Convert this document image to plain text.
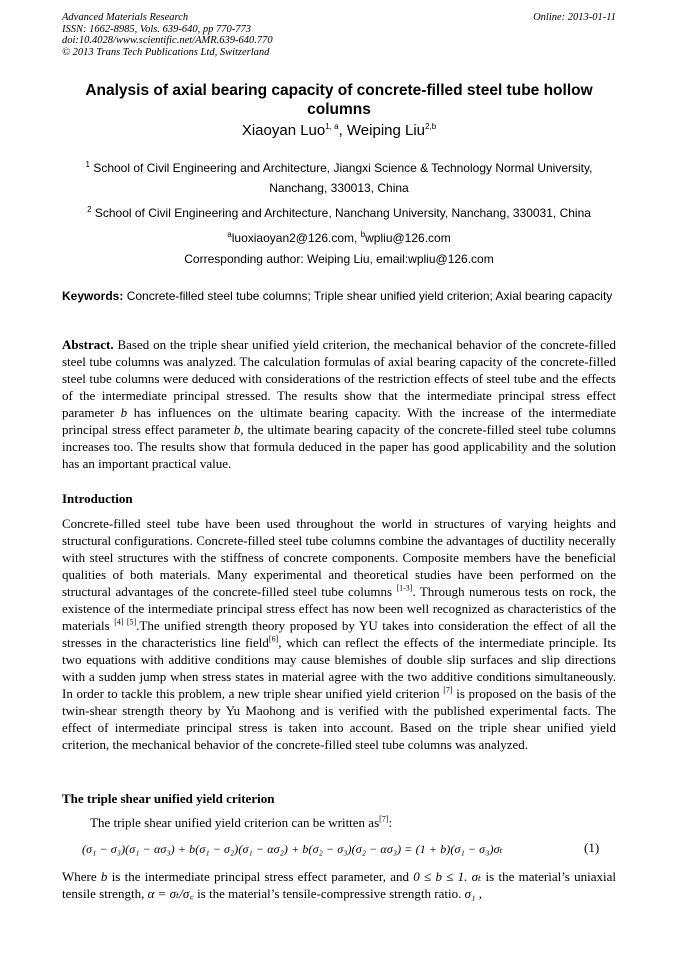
Advanced Materials Research
ISSN: 1662-8985, Vols. 639-640, pp 770-773
doi:10.4028/www.scientific.net/AMR.639-640.770
© 2013 Trans Tech Publications Ltd, Switzerland
Online: 2013-01-11
Analysis of axial bearing capacity of concrete-filled steel tube hollow columns
Xiaoyan Luo$^{1, a}$, Weiping Liu$^{2,b}$
$^1$ School of Civil Engineering and Architecture, Jiangxi Science & Technology Normal University, Nanchang, 330013, China
$^2$ School of Civil Engineering and Architecture, Nanchang University, Nanchang, 330031, China
$^a$luoxiaoyan2@126.com, $^b$wpliu@126.com
Corresponding author: Weiping Liu, email:wpliu@126.com
Keywords: Concrete-filled steel tube columns; Triple shear unified yield criterion; Axial bearing capacity
Abstract. Based on the triple shear unified yield criterion, the mechanical behavior of the concrete-filled steel tube columns was analyzed. The calculation formulas of axial bearing capacity of the concrete-filled steel tube columns were deduced with considerations of the restriction effects of steel tube and the effects of the intermediate principal stressed. The results show that the intermediate principal stress effect parameter b has influences on the ultimate bearing capacity. With the increase of the intermediate principal stress effect parameter b, the ultimate bearing capacity of the concrete-filled steel tube columns increases too. The results show that formula deduced in the paper has good applicability and the solution has an important practical value.
Introduction
Concrete-filled steel tube have been used throughout the world in structures of varying heights and structural configurations. Concrete-filled steel tube columns combine the advantages of ductility necerally with steel structures with the stiffness of concrete components. Composite members have the beneficial qualities of both materials. Many experimental and theoretical studies have been performed on the structural advantages of the concrete-filled steel tube columns [1-3]. Through numerous tests on rock, the existence of the intermediate principal stress effect has now been well recognized as characteristics of the materials [4] [5].The unified strength theory proposed by YU takes into consideration the effect of all the stresses in the characteristics line field[6], which can reflect the effects of the intermediate principle. Its two equations with additive conditions may cause blemishes of double slip surfaces and slip directions with a sudden jump when stress states in material agree with the two additive conditions simultaneously. In order to tackle this problem, a new triple shear unified yield criterion [7] is proposed on the basis of the twin-shear strength theory by Yu Maohong and is verified with the published experimental facts. The effect of intermediate principal stress is taken into account. Based on the triple shear unified yield criterion, the mechanical behavior of the concrete-filled steel tube columns was analyzed.
The triple shear unified yield criterion
The triple shear unified yield criterion can be written as[7]:
(σ₁ − σ₃)(σ₁ − ασ₃) + b(σ₁ − σ₂)(σ₁ − ασ₂) + b(σ₂ − σ₃)(σ₂ − ασ₃) = (1 + b)(σ₁ − σ₃)σₜ	(1)
Where b is the intermediate principal stress effect parameter, and 0 ≤ b ≤ 1. σₜ is the material’s uniaxial tensile strength, α = σₜ/σ꜀ is the material’s tensile-compressive strength ratio. σ₁ ,
